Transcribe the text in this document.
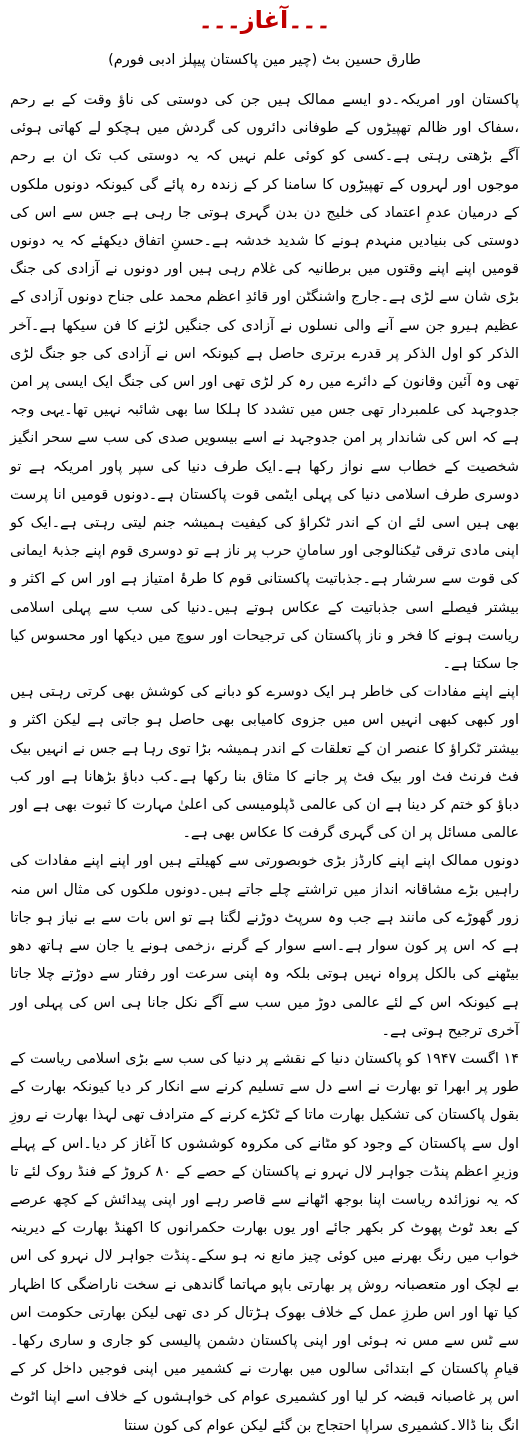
۔۔۔آغاز۔۔۔
طارق حسین بٹ (چیر مین پاکستان پیپلز ادبی فورم)

پاکستان اور امریکہ۔دو ایسے ممالک ہیں جن کی دوستی کی ناؤ وقت کے بے رحم ،سفاک اور ظالم تھپیڑوں کے طوفانی دائروں کی گردش میں ہچکو لے کھاتی ہوئی آگے بڑھتی رہتی ہے۔کسی کو کوئی علم نہیں کہ یہ دوستی کب تک ان بے رحم موجوں اور لہروں کے تھپیڑوں کا سامنا کر کے زندہ رہ پائے گی کیونکہ دونوں ملکوں کے درمیان عدمِ اعتماد کی خلیج دن بدن گہری ہوتی جا رہی ہے جس سے اس کی دوستی کی بنیادیں منہدم ہونے کا شدید خدشہ ہے۔حسنِ اتفاق دیکھئے کہ یہ دونوں قومیں اپنے اپنے وقتوں میں برطانیہ کی غلام رہی ہیں اور دونوں نے آزادی کی جنگ بڑی شان سے لڑی ہے۔جارج واشنگٹن اور قائدِ اعظم محمد علی جناح دونوں آزادی کے عظیم ہیرو جن سے آنے والی نسلوں نے آزادی کی جنگیں لڑنے کا فن سیکھا ہے۔آخر الذکر کو اول الذکر پر قدرے برتری حاصل ہے کیونکہ اس نے آزادی کی جو جنگ لڑی تھی وہ آئین وقانون کے دائرے میں رہ کر لڑی تھی اور اس کی جنگ ایک ایسی پر امن جدوجہد کی علمبردار تھی جس میں تشدد کا ہلکا سا بھی شائبہ نہیں تھا۔یہی وجہ ہے کہ اس کی شاندار پر امن جدوجہد نے اسے بیسویں صدی کی سب سے سحر انگیز شخصیت کے خطاب سے نواز رکھا ہے۔ایک طرف دنیا کی سپر پاور امریکہ ہے تو دوسری طرف اسلامی دنیا کی پہلی ایٹمی قوت پاکستان ہے۔دونوں قومیں انا پرست بھی ہیں اسی لئے ان کے اندر ٹکراؤ کی کیفیت ہمیشہ جنم لیتی رہتی ہے۔ایک کو اپنی مادی ترقی ٹیکنالوجی اور سامانِ حرب پر ناز ہے تو دوسری قوم اپنے جذبۂ ایمانی کی قوت سے سرشار ہے۔جذباتیت پاکستانی قوم کا طرۂ امتیاز ہے اور اس کے اکثر و بیشتر فیصلے اسی جذباتیت کے عکاس ہوتے ہیں۔دنیا کی سب سے پہلی اسلامی ریاست ہونے کا فخر و ناز پاکستان کی ترجیحات اور سوچ میں دیکھا اور محسوس کیا جا سکتا ہے۔

اپنے اپنے مفادات کی خاطر ہر ایک دوسرے کو دبانے کی کوشش بھی کرتی رہتی ہیں اور کبھی کبھی انہیں اس میں جزوی کامیابی بھی حاصل ہو جاتی ہے لیکن اکثر و بیشتر ٹکراؤ کا عنصر ان کے تعلقات کے اندر ہمیشہ بڑا توی رہا ہے جس نے انہیں بیک فٹ فرنٹ فٹ اور بیک فٹ پر جانے کا مثاق بنا رکھا ہے۔کب دباؤ بڑھانا ہے اور کب دباؤ کو ختم کر دینا ہے ان کی عالمی ڈپلومیسی کی اعلیٰ مہارت کا ثبوت بھی ہے اور عالمی مسائل پر ان کی گہری گرفت کا عکاس بھی ہے۔

دونوں ممالک اپنے اپنے کارڈز بڑی خوبصورتی سے کھیلتے ہیں اور اپنے اپنے مفادات کی راہیں بڑے مشاقانہ انداز میں تراشتے چلے جاتے ہیں۔دونوں ملکوں کی مثال اس منہ زور گھوڑے کی مانند ہے جب وہ سرپٹ دوڑنے لگتا ہے تو اس بات سے بے نیاز ہو جاتا ہے کہ اس پر کون سوار ہے۔اسے سوار کے گرنے ،زخمی ہونے یا جان سے ہاتھ دھو بیٹھنے کی بالکل پرواہ نہیں ہوتی بلکہ وہ اپنی سرعت اور رفتار سے دوڑتے چلا جاتا ہے کیونکہ اس کے لئے عالمی دوڑ میں سب سے آگے نکل جانا ہی اس کی پہلی اور آخری ترجیح ہوتی ہے۔

۱۴ اگست ۱۹۴۷ کو پاکستان دنیا کے نقشے پر دنیا کی سب سے بڑی اسلامی ریاست کے طور پر ابھرا تو بھارت نے اسے دل سے تسلیم کرنے سے انکار کر دیا کیونکہ بھارت کے بقول پاکستان کی تشکیل بھارت ماتا کے ٹکڑے کرنے کے مترادف تھی لہذا بھارت نے روزِ اول سے پاکستان کے وجود کو مٹانے کی مکروہ کوششوں کا آغاز کر دیا۔اس کے پہلے وزیرِ اعظم پنڈت جواہر لال نہرو نے پاکستان کے حصے کے ۸۰ کروڑ کے فنڈ روک لئے تا کہ یہ نوزائدہ ریاست اپنا بوجھ اٹھانے سے قاصر رہے اور اپنی پیدائش کے کچھ عرصے کے بعد ٹوٹ پھوٹ کر بکھر جائے اور یوں بھارت حکمرانوں کا اکھنڈ بھارت کے دیرینہ خواب میں رنگ بھرنے میں کوئی چیز مانع نہ ہو سکے۔پنڈت جواہر لال نہرو کی اس بے لچک اور متعصبانہ روش پر بھارتی باپو مہاتما گاندھی نے سخت ناراضگی کا اظہار کیا تھا اور اس طرزِ عمل کے خلاف بھوک ہڑتال کر دی تھی لیکن بھارتی حکومت اس سے ٹس سے مس نہ ہوئی اور اپنی پاکستان دشمن پالیسی کو جاری و ساری رکھا۔قیامِ پاکستان کے ابتدائی سالوں میں بھارت نے کشمیر میں اپنی فوجیں داخل کر کے اس پر غاصبانہ قبضہ کر لیا اور کشمیری عوام کی خواہشوں کے خلاف اسے اپنا اٹوٹ انگ بنا ڈالا۔کشمیری سراپا احتجاج بن گئے لیکن عوام کی کون سنتا
